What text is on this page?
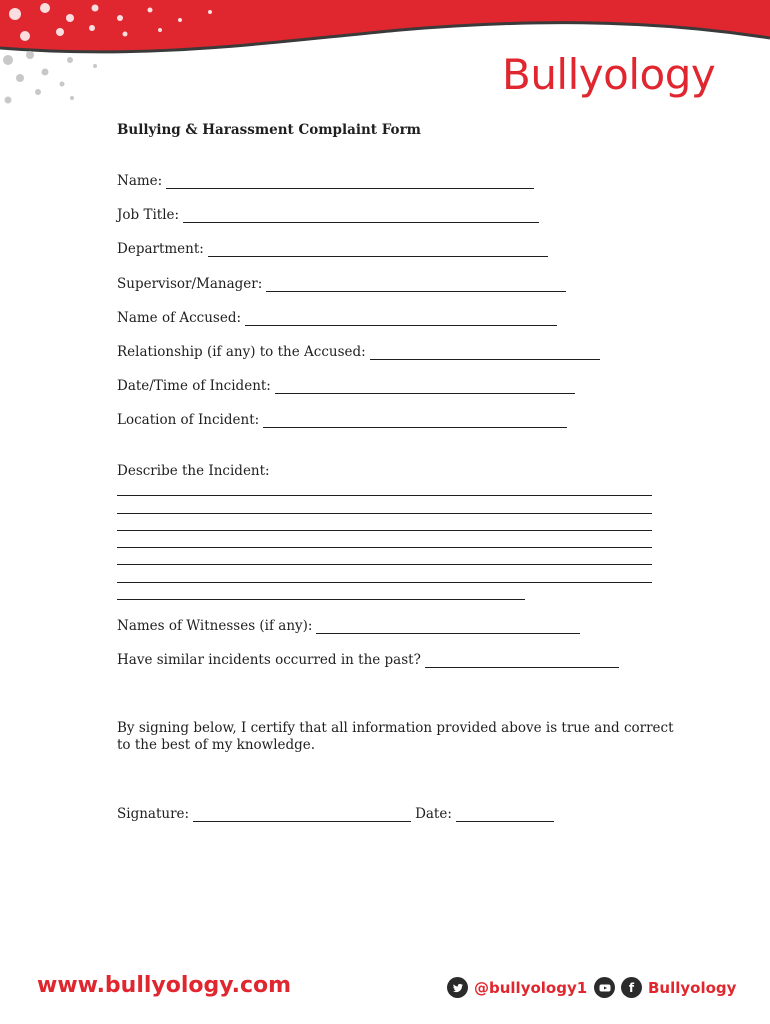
Bullyology
Bullying & Harassment Complaint Form
Name:
Job Title:
Department:
Supervisor/Manager:
Name of Accused:
Relationship (if any) to the Accused:
Date/Time of Incident:
Location of Incident:
Describe the Incident:
Names of Witnesses (if any):
Have similar incidents occurred in the past?
By signing below, I certify that all information provided above is true and correct to the best of my knowledge.
Signature:	Date:
www.bullyology.com	@bullyology1	f Bullyology
